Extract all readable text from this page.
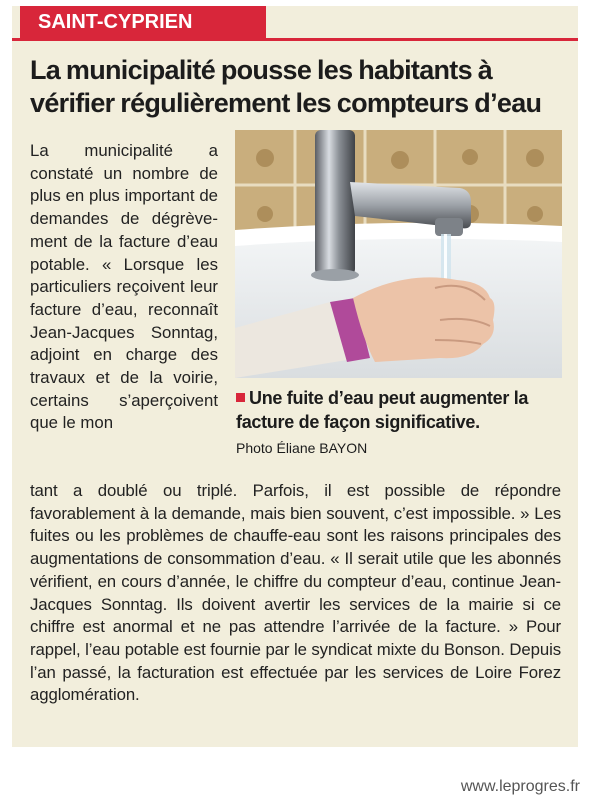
SAINT-CYPRIEN
La municipalité pousse les habitants à vérifier régulièrement les compteurs d’eau

La municipalité a constaté un nombre de plus en plus important de demandes de dégrèvement de la facture d’eau potable. « Lorsque les particuliers reçoivent leur facture d’eau, reconnaît Jean-Jacques Sonntag, adjoint en charge des travaux et de la voirie, certains s’aperçoivent que le mon

Une fuite d’eau peut augmenter la facture de façon significative.
Photo Éliane BAYON

tant a doublé ou triplé. Parfois, il est possible de répondre favorablement à la demande, mais bien souvent, c’est impossible. » Les fuites ou les problèmes de chauffe-eau sont les raisons principales des augmentations de consommation d’eau. « Il serait utile que les abonnés vérifient, en cours d’année, le chiffre du compteur d’eau, continue Jean-Jacques Sonntag. Ils doivent avertir les services de la mairie si ce chiffre est anormal et ne pas attendre l’arrivée de la facture. » Pour rappel, l’eau potable est fournie par le syndicat mixte du Bonson. Depuis l’an passé, la facturation est effectuée par les services de Loire Forez agglomération.

www.leprogres.fr
